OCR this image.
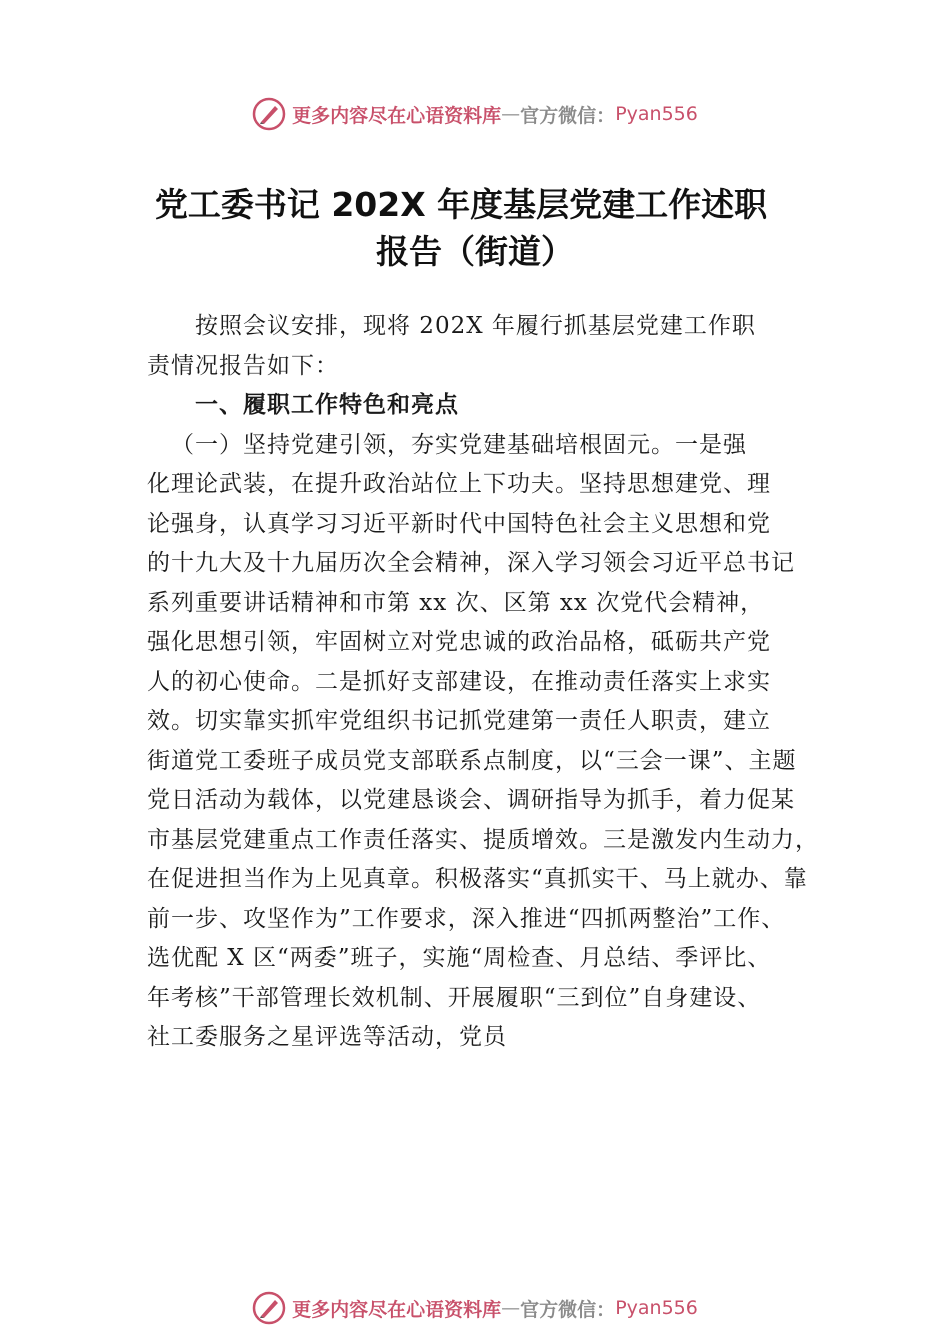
更多内容尽在心语资料库 — 官方微信： Pyan556
党工委书记 202X 年度基层党建工作述职
报告（街道）
按照会议安排，现将 202X 年履行抓基层党建工作职
责情况报告如下：
一、履职工作特色和亮点
（一）坚持党建引领，夯实党建基础培根固元。一是强
化理论武装，在提升政治站位上下功夫。坚持思想建党、理
论强身，认真学习习近平新时代中国特色社会主义思想和党
的十九大及十九届历次全会精神，深入学习领会习近平总书记
系列重要讲话精神和市第 xx 次、区第 xx 次党代会精神，
强化思想引领，牢固树立对党忠诚的政治品格，砥砺共产党
人的初心使命。二是抓好支部建设，在推动责任落实上求实
效。切实靠实抓牢党组织书记抓党建第一责任人职责，建立
街道党工委班子成员党支部联系点制度，以“三会一课”、主题
党日活动为载体，以党建恳谈会、调研指导为抓手，着力促某
市基层党建重点工作责任落实、提质增效。三是激发内生动力，
在促进担当作为上见真章。积极落实“真抓实干、马上就办、靠
前一步、攻坚作为”工作要求，深入推进“四抓两整治”工作、
选优配 X 区“两委”班子，实施“周检查、月总结、季评比、
年考核”干部管理长效机制、开展履职“三到位”自身建设、
社工委服务之星评选等活动，党员
更多内容尽在心语资料库 — 官方微信： Pyan556
